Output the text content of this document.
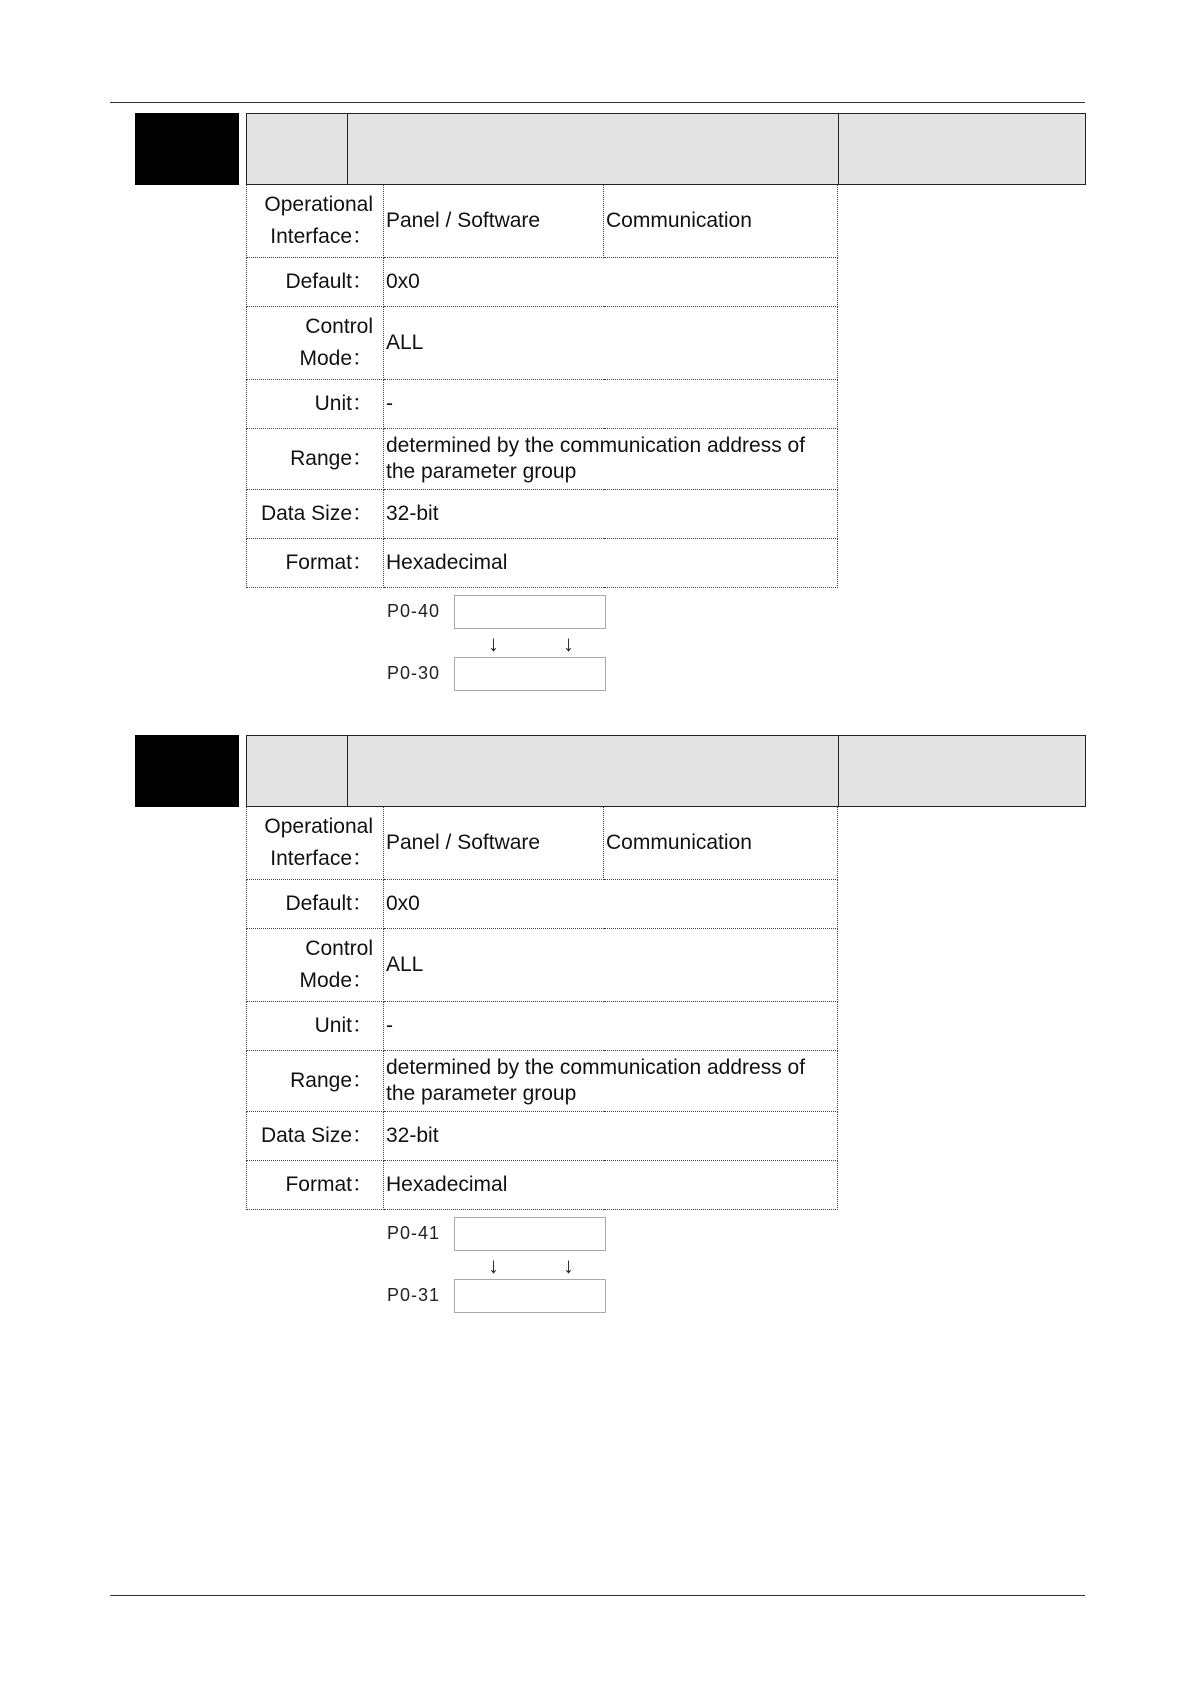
Operational Interface：	Panel / Software	Communication
Default：	0x0	
Control Mode：	ALL	
Unit：	-	
Range：	determined by the communication address of the parameter group	
Data Size：	32-bit	
Format：	Hexadecimal	
P0-40
↓	↓
P0-30
Operational Interface：	Panel / Software	Communication
Default：	0x0	
Control Mode：	ALL	
Unit：	-	
Range：	determined by the communication address of the parameter group	
Data Size：	32-bit	
Format：	Hexadecimal	
P0-41
↓	↓
P0-31
